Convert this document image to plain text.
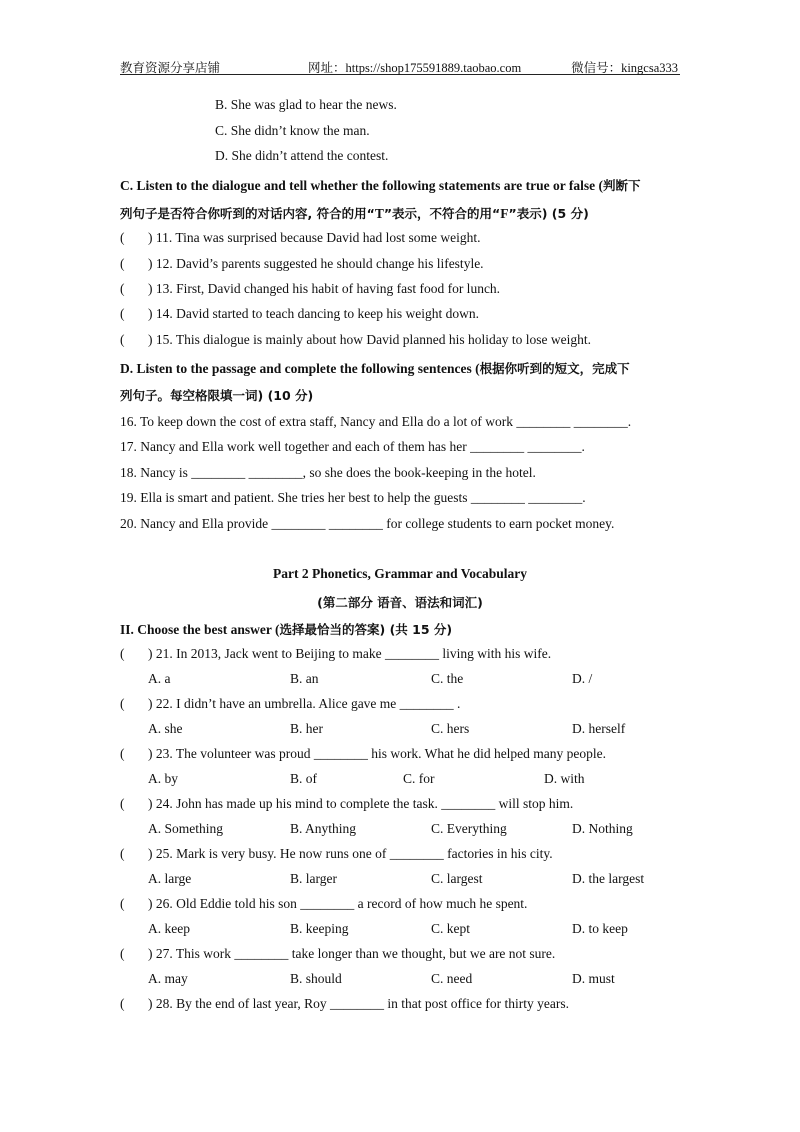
教育资源分享店铺	网址：https://shop175591889.taobao.com	微信号：kingcsa333
B. She was glad to hear the news.
C. She didn’t know the man.
D. She didn’t attend the contest.
C. Listen to the dialogue and tell whether the following statements are true or false (判断下
列句子是否符合你听到的对话内容, 符合的用“T”表示，不符合的用“F”表示) (5 分)
( ) 11. Tina was surprised because David had lost some weight.
( ) 12. David’s parents suggested he should change his lifestyle.
( ) 13. First, David changed his habit of having fast food for lunch.
( ) 14. David started to teach dancing to keep his weight down.
( ) 15. This dialogue is mainly about how David planned his holiday to lose weight.
D. Listen to the passage and complete the following sentences (根据你听到的短文，完成下
列句子。每空格限填一词) (10 分)
16. To keep down the cost of extra staff, Nancy and Ella do a lot of work ________ ________.
17. Nancy and Ella work well together and each of them has her ________ ________.
18. Nancy is ________ ________, so she does the book-keeping in the hotel.
19. Ella is smart and patient. She tries her best to help the guests ________ ________.
20. Nancy and Ella provide ________ ________ for college students to earn pocket money.
Part 2 Phonetics, Grammar and Vocabulary
(第二部分 语音、语法和词汇)
II. Choose the best answer (选择最恰当的答案) (共 15 分)
( ) 21. In 2013, Jack went to Beijing to make ________ living with his wife.
A. a	B. an	C. the	D. /
( ) 22. I didn’t have an umbrella. Alice gave me ________ .
A. she	B. her	C. hers	D. herself
( ) 23. The volunteer was proud ________ his work. What he did helped many people.
A. by	B. of	C. for	D. with
( ) 24. John has made up his mind to complete the task. ________ will stop him.
A. Something	B. Anything	C. Everything	D. Nothing
( ) 25. Mark is very busy. He now runs one of ________ factories in his city.
A. large	B. larger	C. largest	D. the largest
( ) 26. Old Eddie told his son ________ a record of how much he spent.
A. keep	B. keeping	C. kept	D. to keep
( ) 27. This work ________ take longer than we thought, but we are not sure.
A. may	B. should	C. need	D. must
( ) 28. By the end of last year, Roy ________ in that post office for thirty years.
